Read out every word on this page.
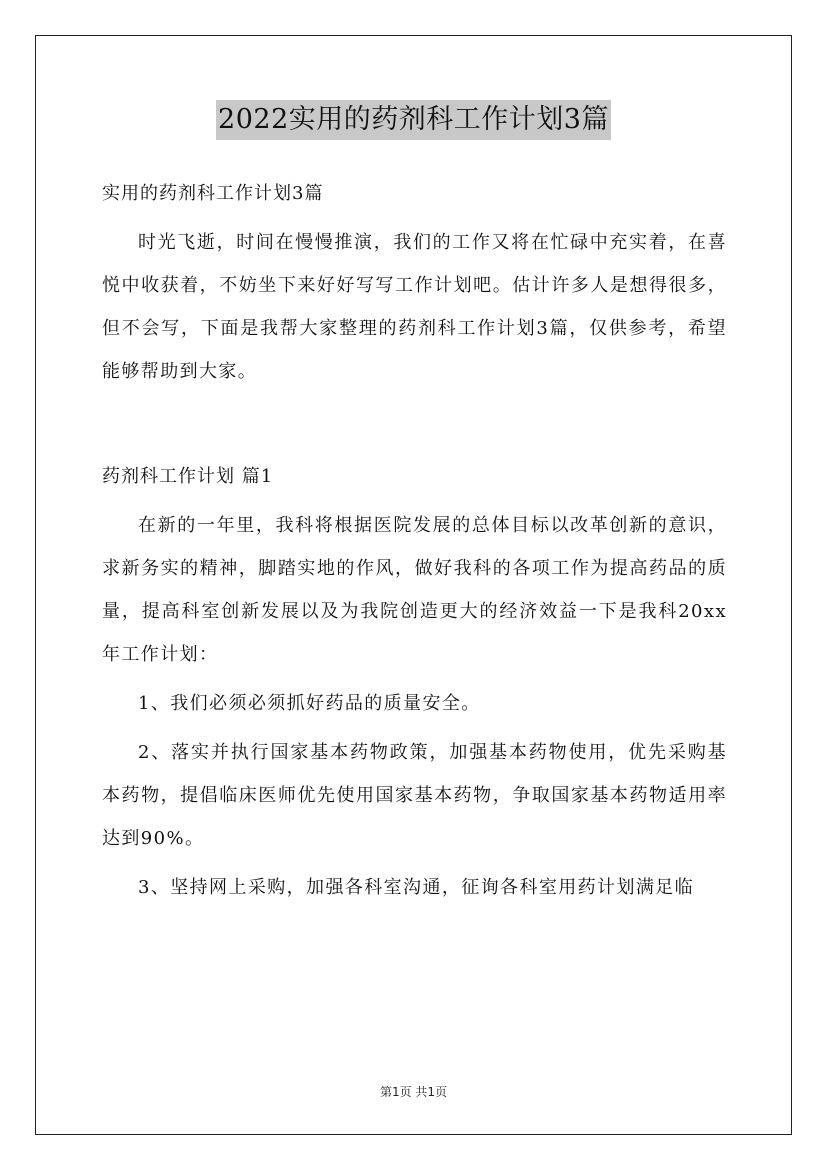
2022实用的药剂科工作计划3篇

实用的药剂科工作计划3篇

时光飞逝，时间在慢慢推演，我们的工作又将在忙碌中充实着，在喜悦中收获着，不妨坐下来好好写写工作计划吧。估计许多人是想得很多，但不会写，下面是我帮大家整理的药剂科工作计划3篇，仅供参考，希望能够帮助到大家。

药剂科工作计划 篇1

在新的一年里，我科将根据医院发展的总体目标以改革创新的意识，求新务实的精神，脚踏实地的作风，做好我科的各项工作为提高药品的质量，提高科室创新发展以及为我院创造更大的经济效益一下是我科20xx年工作计划：

1、我们必须必须抓好药品的质量安全。

2、落实并执行国家基本药物政策，加强基本药物使用，优先采购基本药物，提倡临床医师优先使用国家基本药物，争取国家基本药物适用率达到90%。

3、坚持网上采购，加强各科室沟通，征询各科室用药计划满足临

第1页 共1页
